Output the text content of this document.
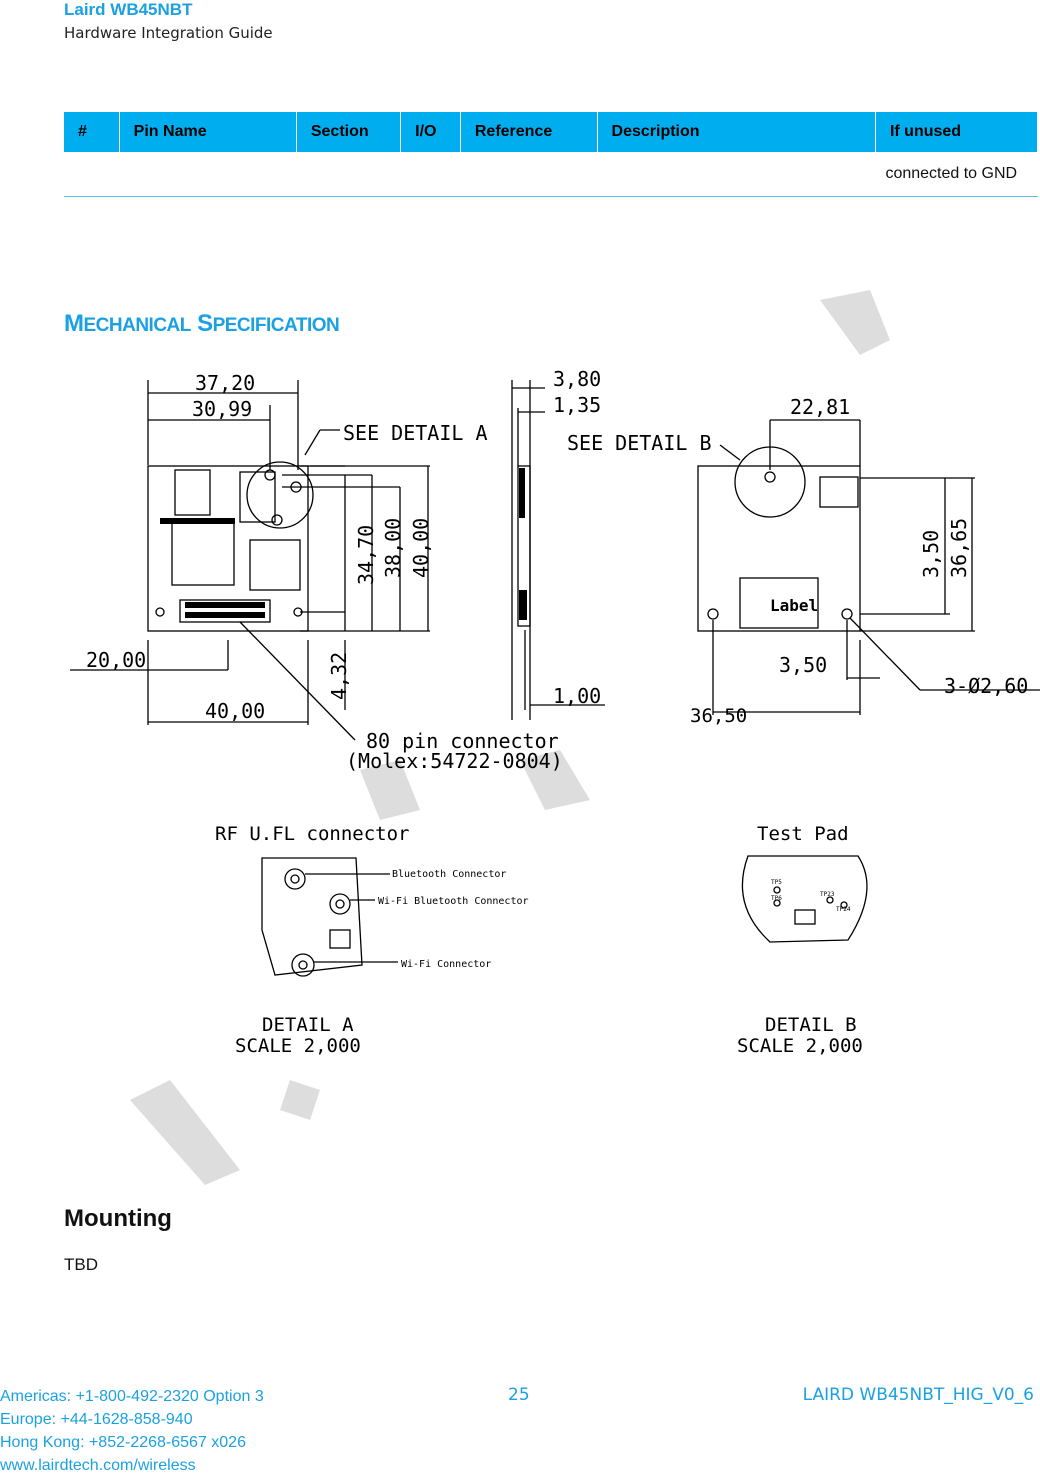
Laird WB45NBT
Hardware Integration Guide
#	Pin Name	Section	I/O	Reference	Description	If unused
						connected to GND
MECHANICAL SPECIFICATION
37,20
30,99
SEE DETAIL A
3,80
1,35
SEE DETAIL B
22,81
36,50
20,00
1,00
3,50
3-Ø2,60
40,00
80 pin connector
(Molex:54722-0804)
Label
34,70 38,00 40,00
4,32
3,50 36,65
RF U.FL connector
DETAIL A
SCALE 2,000
Bluetooth Connector
Wi-Fi Bluetooth Connector
Wi-Fi Connector
Test Pad
DETAIL B
SCALE 2,000
TP5
TP6
TP23
TP24
Mounting
TBD
Americas: +1-800-492-2320 Option 3
Europe: +44-1628-858-940
Hong Kong: +852-2268-6567 x026
www.lairdtech.com/wireless
25	LAIRD WB45NBT_HIG_V0_6
